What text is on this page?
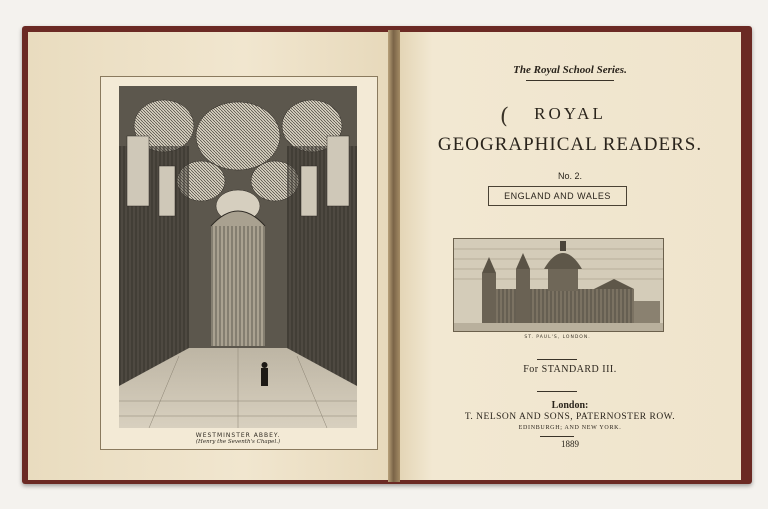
WESTMINSTER ABBEY.
(Henry the Seventh's Chapel.)
The Royal School Series.
(	ROYAL
GEOGRAPHICAL READERS.
No. 2.
ENGLAND AND WALES
ST. PAUL'S, LONDON.
For STANDARD III.
London:
T. NELSON AND SONS, PATERNOSTER ROW.
EDINBURGH; AND NEW YORK.
1889
